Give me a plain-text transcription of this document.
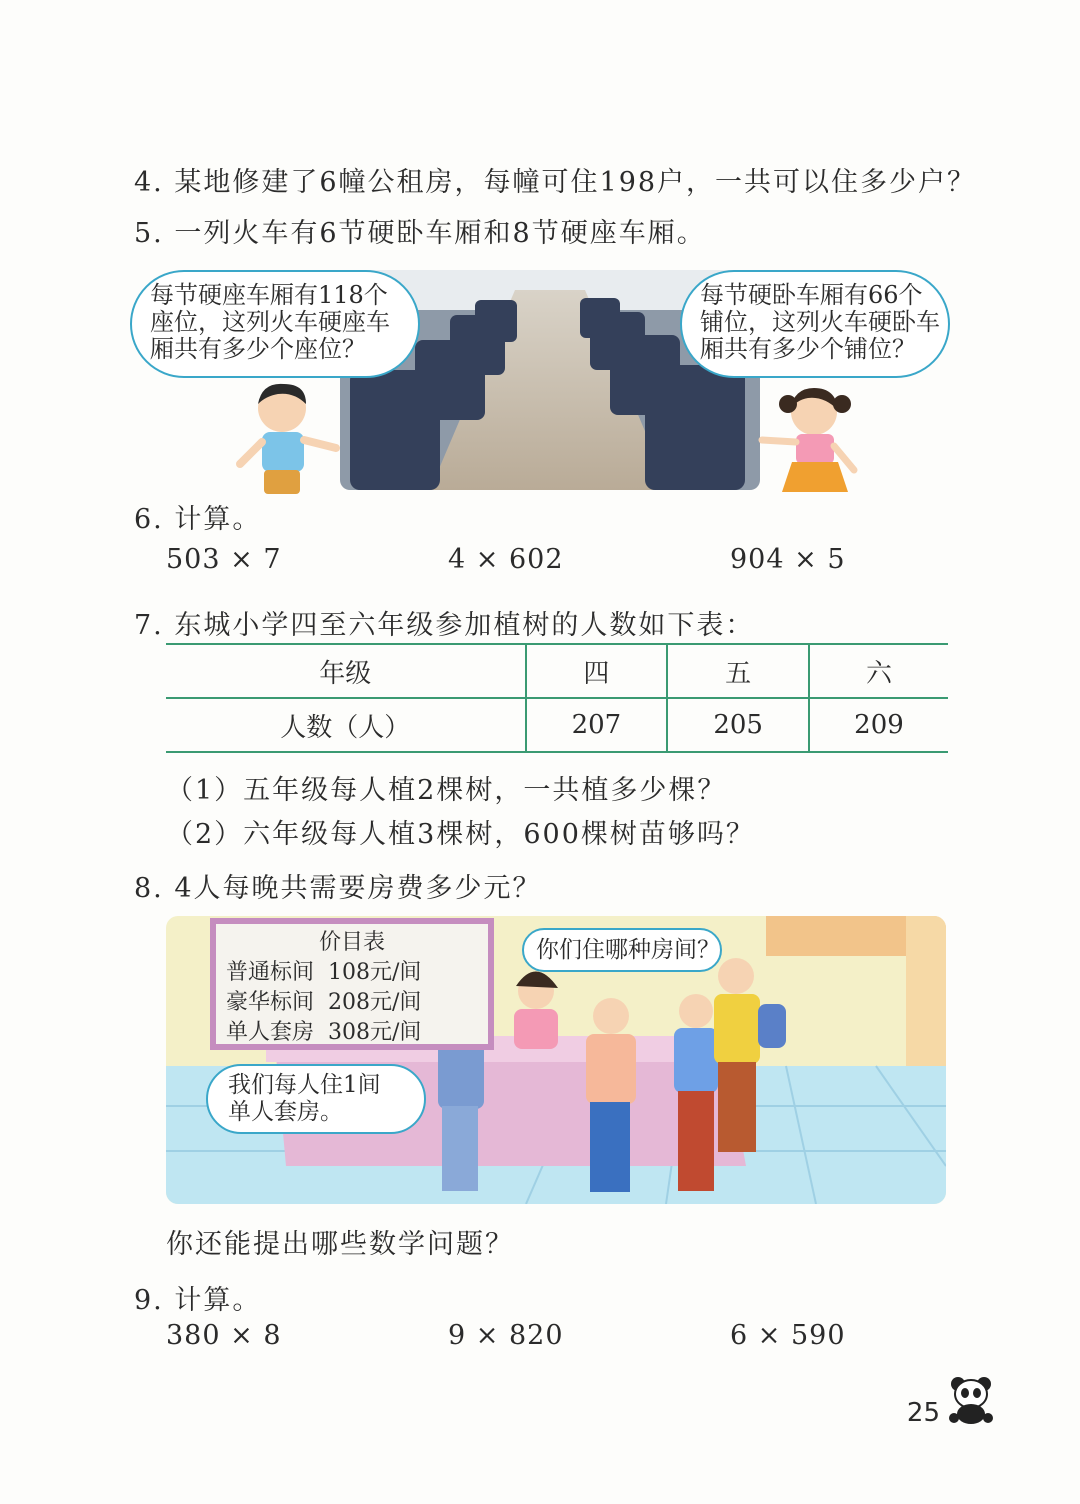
4. 某地修建了6幢公租房，每幢可住198户，一共可以住多少户？
5. 一列火车有6节硬卧车厢和8节硬座车厢。
每节硬座车厢有118个
座位，这列火车硬座车
厢共有多少个座位？
每节硬卧车厢有66个
铺位，这列火车硬卧车
厢共有多少个铺位？
6. 计算。
503 × 7	4 × 602	904 × 5
7. 东城小学四至六年级参加植树的人数如下表：
年级	四	五	六
人数（人）	207	205	209
（1）五年级每人植2棵树，一共植多少棵？
（2）六年级每人植3棵树，600棵树苗够吗？
8. 4人每晚共需要房费多少元？
价目表
普通标间 108元/间
豪华标间 208元/间
单人套房 308元/间
你们住哪种房间？
我们每人住1间
单人套房。
你还能提出哪些数学问题？
9. 计算。
380 × 8	9 × 820	6 × 590
25
